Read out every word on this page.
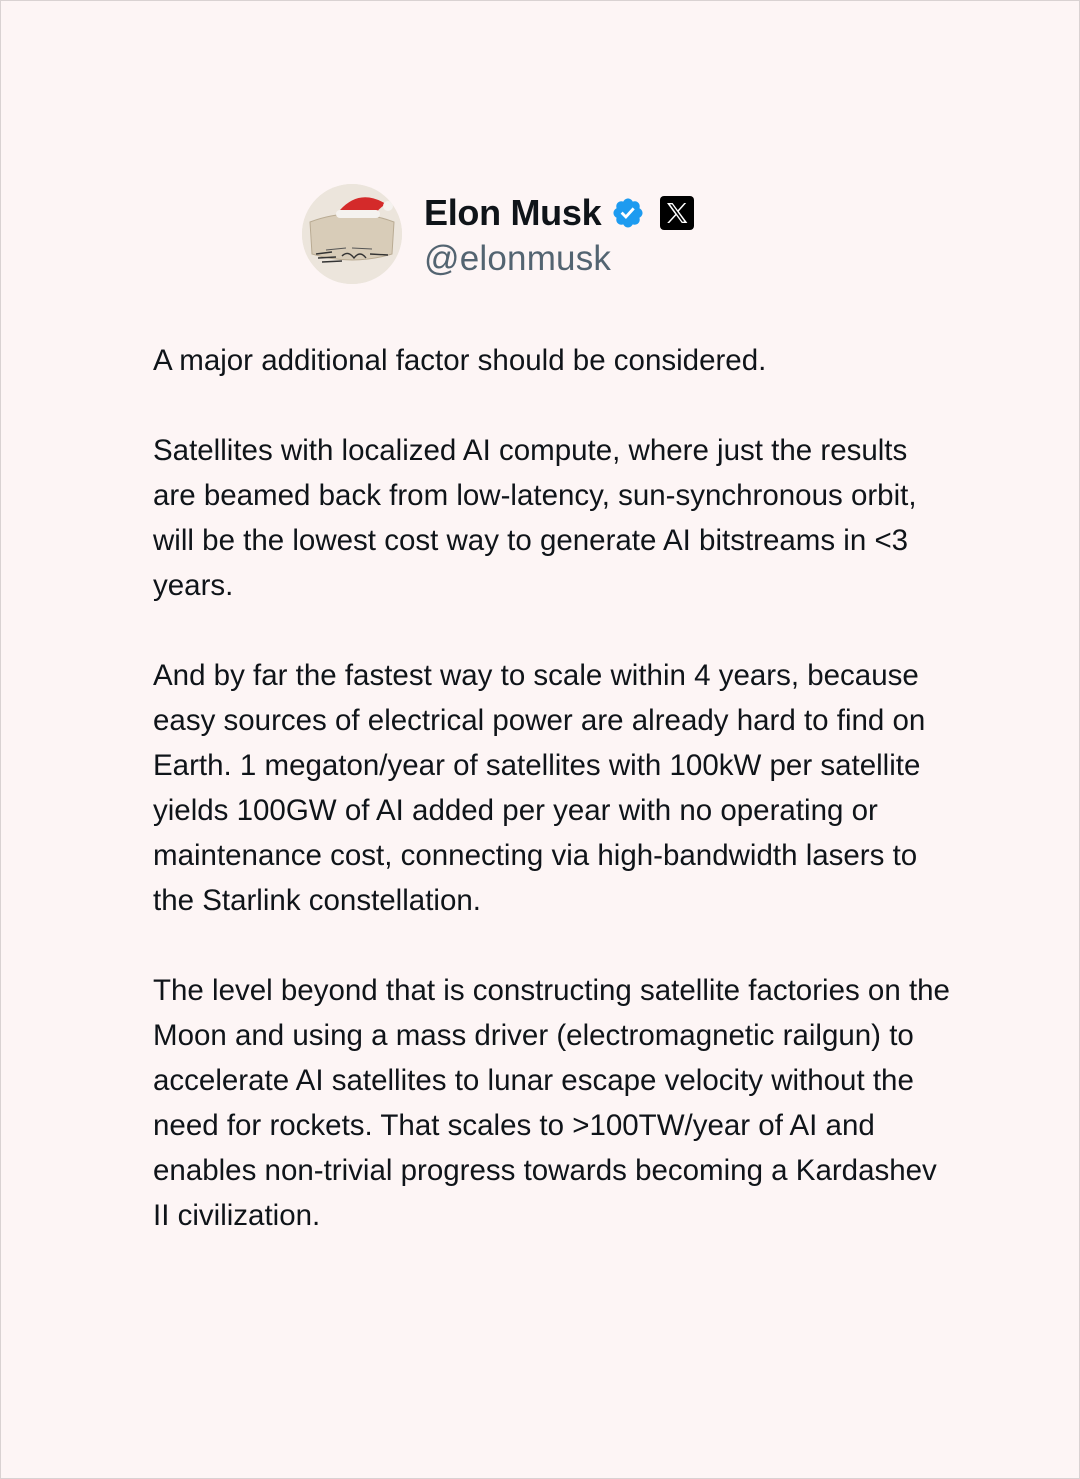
Elon Musk
@elonmusk

A major additional factor should be considered.

Satellites with localized AI compute, where just the results are beamed back from low-latency, sun-synchronous orbit, will be the lowest cost way to generate AI bitstreams in <3 years.

And by far the fastest way to scale within 4 years, because easy sources of electrical power are already hard to find on Earth. 1 megaton/year of satellites with 100kW per satellite yields 100GW of AI added per year with no operating or maintenance cost, connecting via high-bandwidth lasers to the Starlink constellation.

The level beyond that is constructing satellite factories on the Moon and using a mass driver (electromagnetic railgun) to accelerate AI satellites to lunar escape velocity without the need for rockets. That scales to >100TW/year of AI and enables non-trivial progress towards becoming a Kardashev II civilization.
